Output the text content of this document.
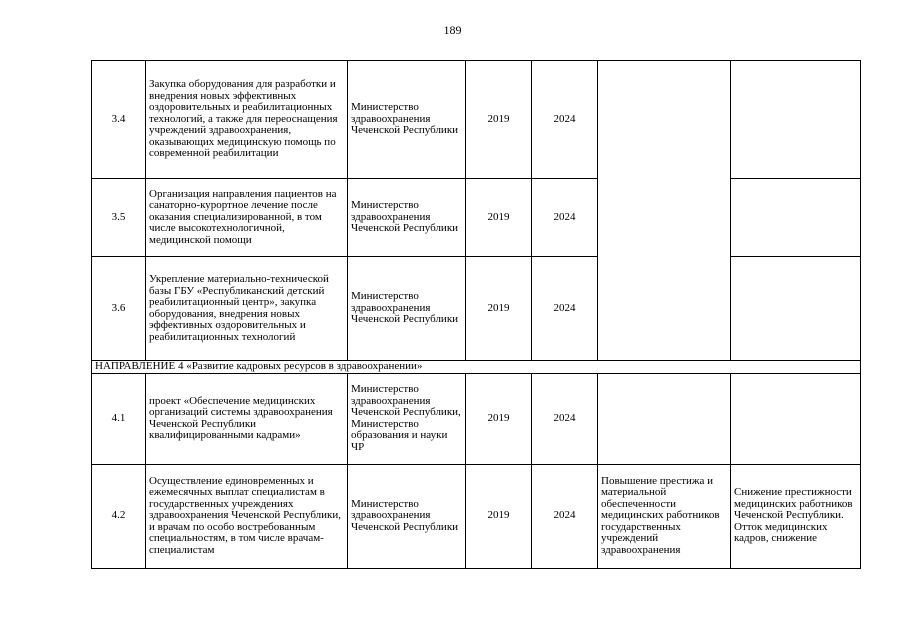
189
3.4	Закупка оборудования для разработки и внедрения новых эффективных оздоровительных и реабилитационных технологий, а также для переоснащения учреждений здравоохранения, оказывающих медицинскую помощь по современной реабилитации	Министерство здравоохранения Чеченской Республики	2019	2024		
3.5	Организация направления пациентов на санаторно-курортное лечение после оказания специализированной, в том числе высокотехнологичной, медицинской помощи	Министерство здравоохранения Чеченской Республики	2019	2024		
3.6	Укрепление материально-технической базы ГБУ «Республиканский детский реабилитационный центр», закупка оборудования, внедрения новых эффективных оздоровительных и реабилитационных технологий	Министерство здравоохранения Чеченской Республики	2019	2024		
НАПРАВЛЕНИЕ 4 «Развитие кадровых ресурсов в здравоохранении»						
4.1	проект «Обеспечение медицинских организаций системы здравоохранения Чеченской Республики квалифицированными кадрами»	Министерство здравоохранения Чеченской Республики, Министерство образования и науки ЧР	2019	2024		
4.2	Осуществление единовременных и ежемесячных выплат специалистам в государственных учреждениях здравоохранения Чеченской Республики, и врачам по особо востребованным специальностям, в том числе врачам-специалистам	Министерство здравоохранения Чеченской Республики	2019	2024	Повышение престижа и материальной обеспеченности медицинских работников государственных учреждений здравоохранения	Снижение престижности медицинских работников Чеченской Республики. Отток медицинских кадров, снижение
